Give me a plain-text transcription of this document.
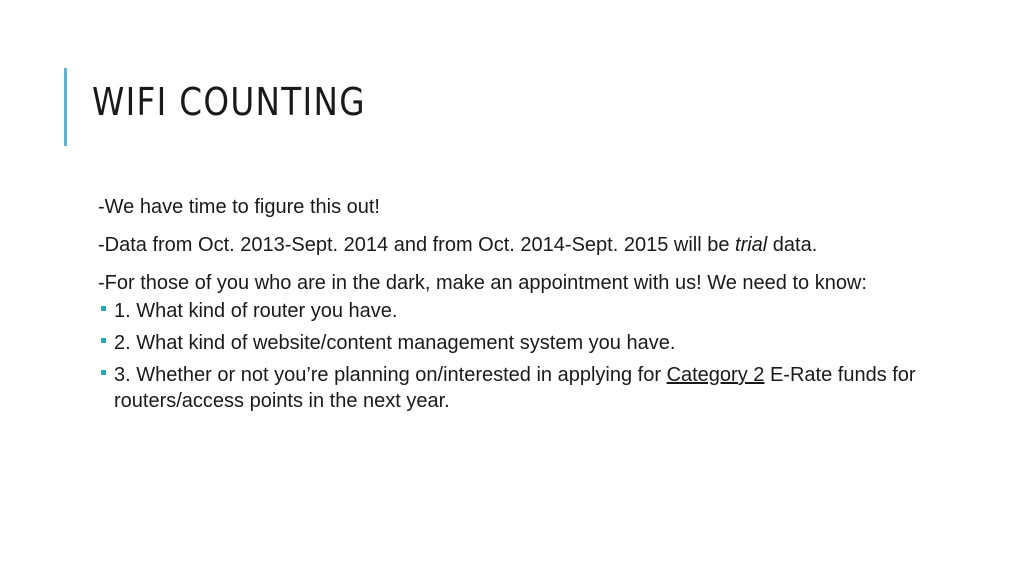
WIFI COUNTING

-We have time to figure this out!

-Data from Oct. 2013-Sept. 2014 and from Oct. 2014-Sept. 2015 will be trial data.

-For those of you who are in the dark, make an appointment with us! We need to know:

1. What kind of router you have.
2. What kind of website/content management system you have.
3. Whether or not you’re planning on/interested in applying for Category 2 E-Rate funds for routers/access points in the next year.
